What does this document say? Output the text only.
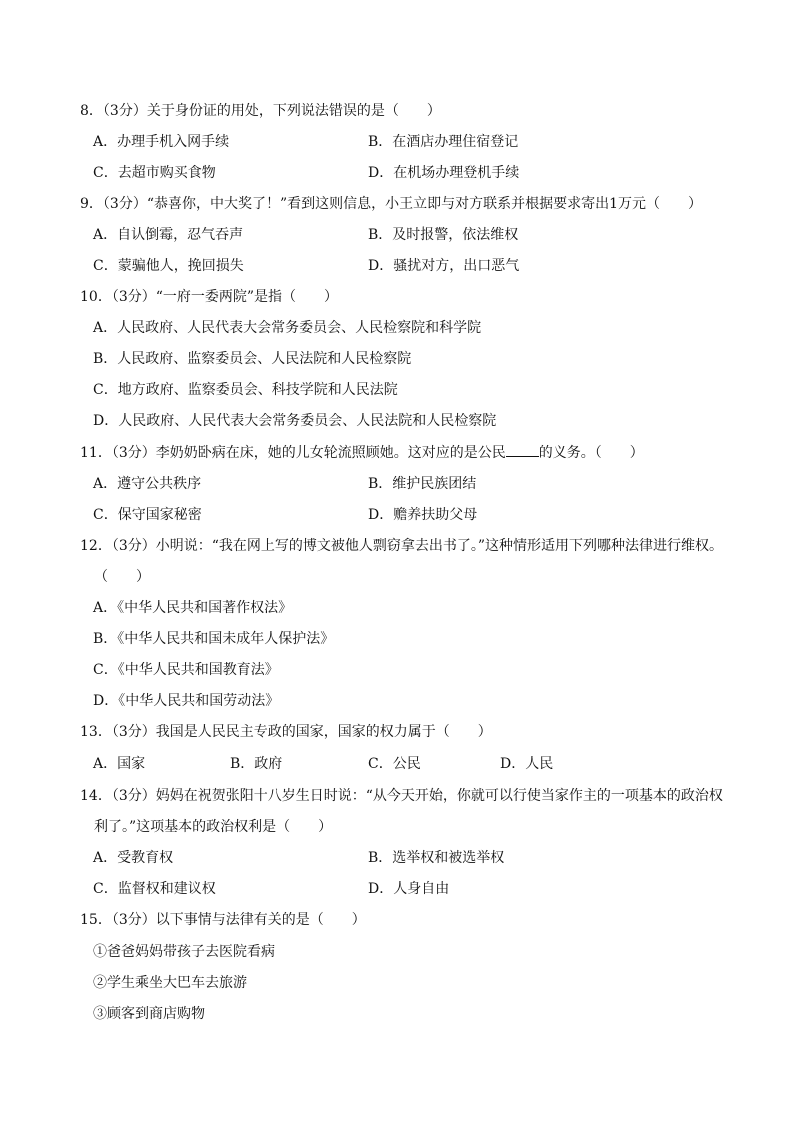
8．（3分）关于身份证的用处，下列说法错误的是（　　）
A．办理手机入网手续	B．在酒店办理住宿登记
C．去超市购买食物	D．在机场办理登机手续
9．（3分）“恭喜你，中大奖了！”看到这则信息，小王立即与对方联系并根据要求寄出1万元（　　）
A．自认倒霉，忍气吞声	B．及时报警，依法维权
C．蒙骗他人，挽回损失	D．骚扰对方，出口恶气
10．（3分）“一府一委两院”是指（　　）
A．人民政府、人民代表大会常务委员会、人民检察院和科学院
B．人民政府、监察委员会、人民法院和人民检察院
C．地方政府、监察委员会、科技学院和人民法院
D．人民政府、人民代表大会常务委员会、人民法院和人民检察院
11．（3分）李奶奶卧病在床，她的儿女轮流照顾她。这对应的是公民 的义务。（　　）
A．遵守公共秩序	B．维护民族团结
C．保守国家秘密	D．赡养扶助父母
12．（3分）小明说：“我在网上写的博文被他人剽窃拿去出书了。”这种情形适用下列哪种法律进行维权。
（　　）
A．《中华人民共和国著作权法》
B．《中华人民共和国未成年人保护法》
C．《中华人民共和国教育法》
D．《中华人民共和国劳动法》
13．（3分）我国是人民民主专政的国家，国家的权力属于（　　）
A．国家	B．政府	C．公民	D．人民
14．（3分）妈妈在祝贺张阳十八岁生日时说：“从今天开始，你就可以行使当家作主的一项基本的政治权
利了。”这项基本的政治权利是（　　）
A．受教育权	B．选举权和被选举权
C．监督权和建议权	D．人身自由
15．（3分）以下事情与法律有关的是（　　）
①爸爸妈妈带孩子去医院看病
②学生乘坐大巴车去旅游
③顾客到商店购物
